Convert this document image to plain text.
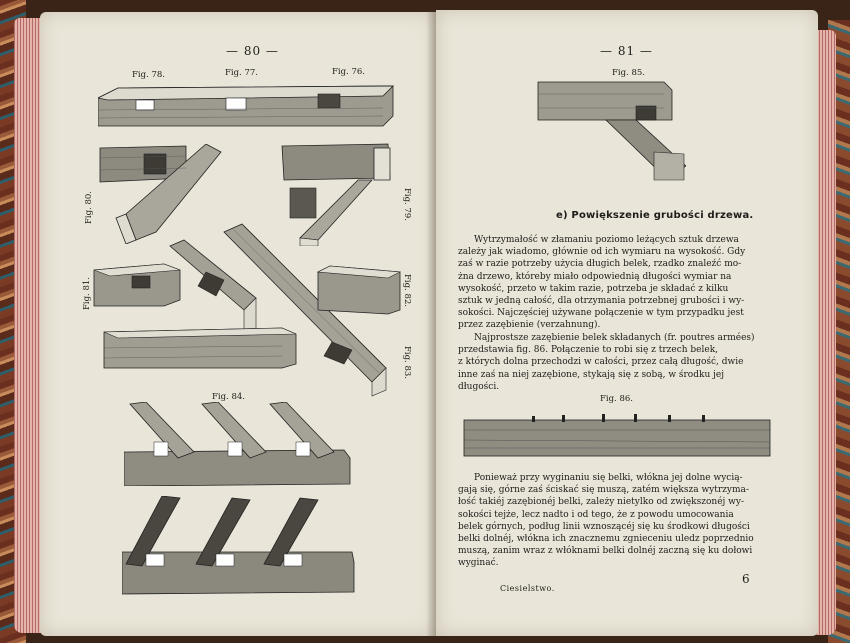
— 80 —
Fig. 78.	Fig. 77.	Fig. 76.
Fig. 80.	Fig. 79.
Fig. 81.	Fig. 82.
Fig. 83.
Fig. 84.
— 81 —
Fig. 85.
e) Powiększenie grubości drzewa.
Wytrzymałość w złamaniu poziomo leżących sztuk drzewa
zależy jak wiadomo, głównie od ich wymiaru na wysokość. Gdy
zaś w razie potrzeby użycia długich belek, rzadko znaleźć mo-
żna drzewo, któreby miało odpowiednią długości wymiar na
wysokość, przeto w takim razie, potrzeba je składać z kilku
sztuk w jedną całość, dla otrzymania potrzebnej grubości i wy-
sokości. Najczęściej używane połączenie w tym przypadku jest
przez zazębienie (verzahnung).
Najprostsze zazębienie belek składanych (fr. poutres armées)
przedstawia fig. 86. Połączenie to robi się z trzech belek,
z których dolna przechodzi w całości, przez całą długość, dwie
inne zaś na niej zazębione, stykają się z sobą, w środku jej
długości.
Fig. 86.
Ponieważ przy wyginaniu się belki, włókna jej dolne wycią-
gają się, górne zaś ściskać się muszą, zatém większa wytrzyma-
łość takiéj zazębionéj belki, zależy nietylko od zwiększonéj wy-
sokości tejże, lecz nadto i od tego, że z powodu umocowania
belek górnych, podług linii wznoszącéj się ku środkowi długości
belki dolnéj, włókna ich znacznemu zgnieceniu uledz poprzednio
muszą, zanim wraz z włóknami belki dolnéj zaczną się ku dołowi
wyginać.
Ciesielstwo.
6
